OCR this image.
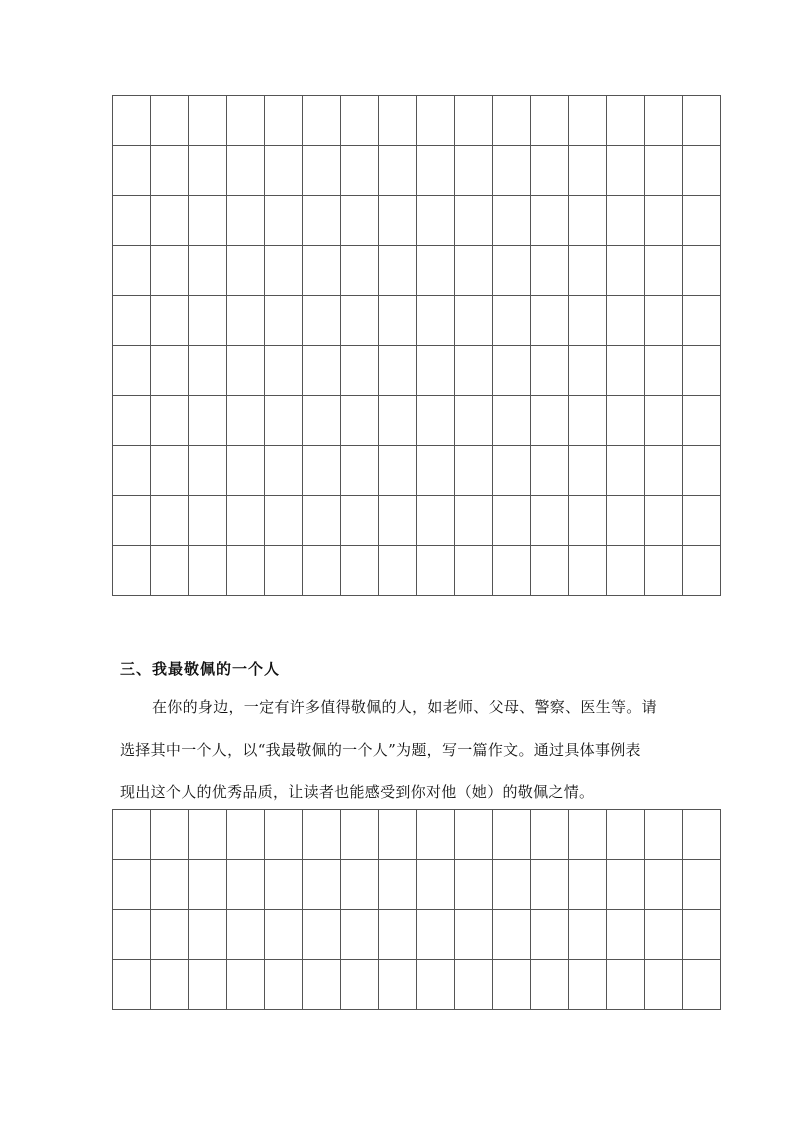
三、我最敬佩的一个人
在你的身边，一定有许多值得敬佩的人，如老师、父母、警察、医生等。请
选择其中一个人，以“我最敬佩的一个人”为题，写一篇作文。通过具体事例表
现出这个人的优秀品质，让读者也能感受到你对他（她）的敬佩之情。
